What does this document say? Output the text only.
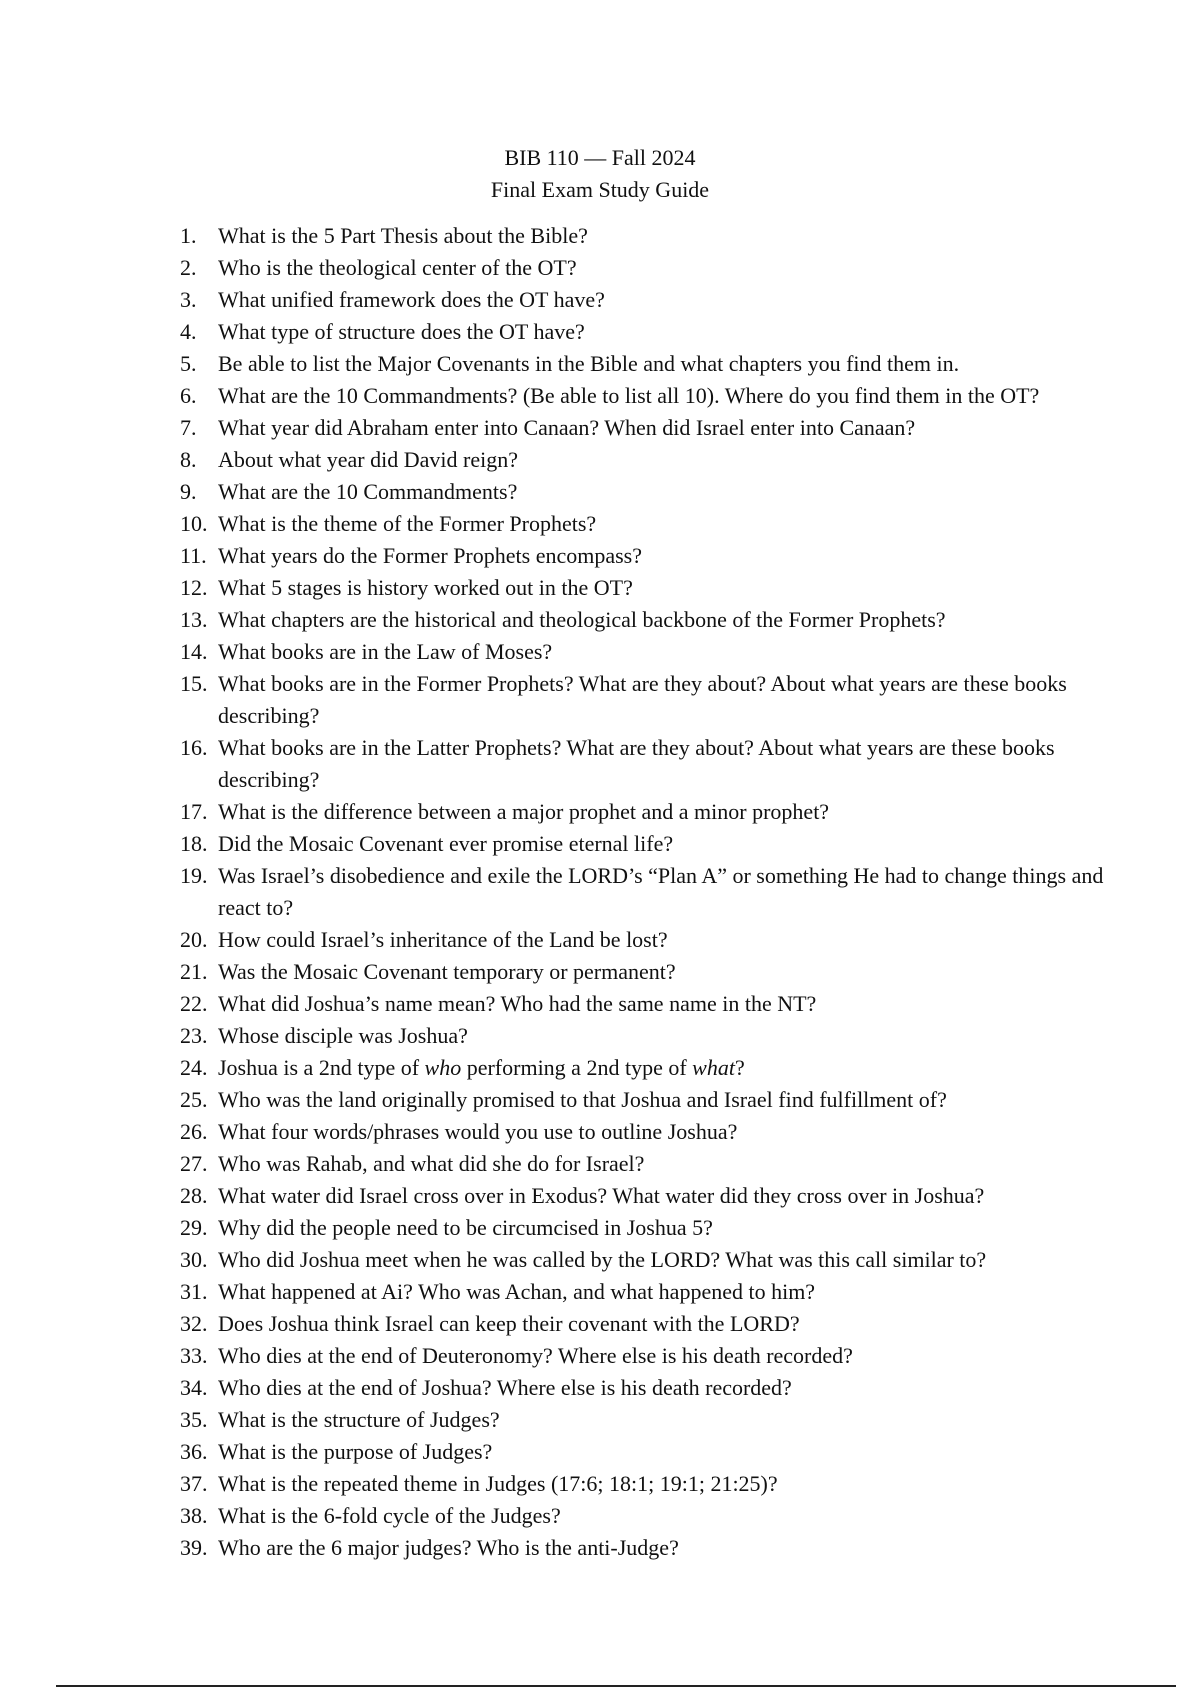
BIB 110 — Fall 2024
Final Exam Study Guide
1. What is the 5 Part Thesis about the Bible?
2. Who is the theological center of the OT?
3. What unified framework does the OT have?
4. What type of structure does the OT have?
5. Be able to list the Major Covenants in the Bible and what chapters you find them in.
6. What are the 10 Commandments? (Be able to list all 10). Where do you find them in the OT?
7. What year did Abraham enter into Canaan? When did Israel enter into Canaan?
8. About what year did David reign?
9. What are the 10 Commandments?
10. What is the theme of the Former Prophets?
11. What years do the Former Prophets encompass?
12. What 5 stages is history worked out in the OT?
13. What chapters are the historical and theological backbone of the Former Prophets?
14. What books are in the Law of Moses?
15. What books are in the Former Prophets? What are they about? About what years are these books describing?
16. What books are in the Latter Prophets? What are they about? About what years are these books describing?
17. What is the difference between a major prophet and a minor prophet?
18. Did the Mosaic Covenant ever promise eternal life?
19. Was Israel’s disobedience and exile the LORD’s “Plan A” or something He had to change things and react to?
20. How could Israel’s inheritance of the Land be lost?
21. Was the Mosaic Covenant temporary or permanent?
22. What did Joshua’s name mean? Who had the same name in the NT?
23. Whose disciple was Joshua?
24. Joshua is a 2nd type of who performing a 2nd type of what?
25. Who was the land originally promised to that Joshua and Israel find fulfillment of?
26. What four words/phrases would you use to outline Joshua?
27. Who was Rahab, and what did she do for Israel?
28. What water did Israel cross over in Exodus? What water did they cross over in Joshua?
29. Why did the people need to be circumcised in Joshua 5?
30. Who did Joshua meet when he was called by the LORD? What was this call similar to?
31. What happened at Ai? Who was Achan, and what happened to him?
32. Does Joshua think Israel can keep their covenant with the LORD?
33. Who dies at the end of Deuteronomy? Where else is his death recorded?
34. Who dies at the end of Joshua? Where else is his death recorded?
35. What is the structure of Judges?
36. What is the purpose of Judges?
37. What is the repeated theme in Judges (17:6; 18:1; 19:1; 21:25)?
38. What is the 6-fold cycle of the Judges?
39. Who are the 6 major judges? Who is the anti-Judge?
